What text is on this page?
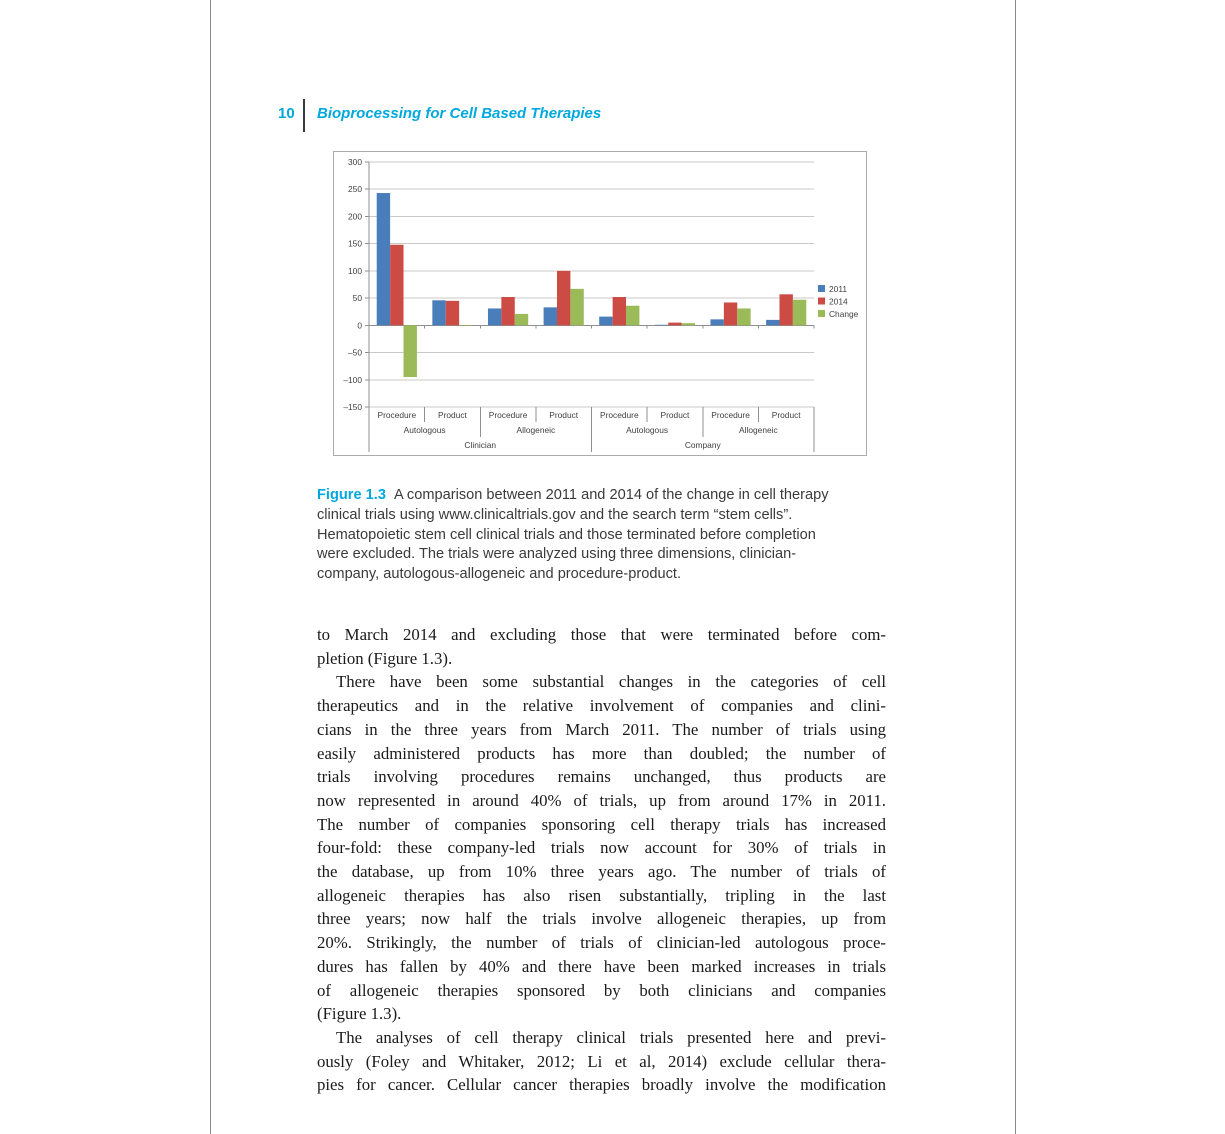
10 Bioprocessing for Cell Based Therapies
300
250
200
150
100
50
0
–50
–100
–150
Procedure	Product	Procedure	Product	Procedure	Product	Procedure	Product
Autologous	Allogeneic	Autologous	Allogeneic
Clinician	Company
2011
2014
Change
Figure 1.3 A comparison between 2011 and 2014 of the change in cell therapy
clinical trials using www.clinicaltrials.gov and the search term “stem cells”.
Hematopoietic stem cell clinical trials and those terminated before completion
were excluded. The trials were analyzed using three dimensions, clinician-
company, autologous-allogeneic and procedure-product.
to March 2014 and excluding those that were terminated before com-
pletion (Figure 1.3).
There have been some substantial changes in the categories of cell
therapeutics and in the relative involvement of companies and clini-
cians in the three years from March 2011. The number of trials using
easily administered products has more than doubled; the number of
trials involving procedures remains unchanged, thus products are
now represented in around 40% of trials, up from around 17% in 2011.
The number of companies sponsoring cell therapy trials has increased
four-fold: these company-led trials now account for 30% of trials in
the database, up from 10% three years ago. The number of trials of
allogeneic therapies has also risen substantially, tripling in the last
three years; now half the trials involve allogeneic therapies, up from
20%. Strikingly, the number of trials of clinician-led autologous proce-
dures has fallen by 40% and there have been marked increases in trials
of allogeneic therapies sponsored by both clinicians and companies
(Figure 1.3).
The analyses of cell therapy clinical trials presented here and previ-
ously (Foley and Whitaker, 2012; Li et al, 2014) exclude cellular thera-
pies for cancer. Cellular cancer therapies broadly involve the modification
